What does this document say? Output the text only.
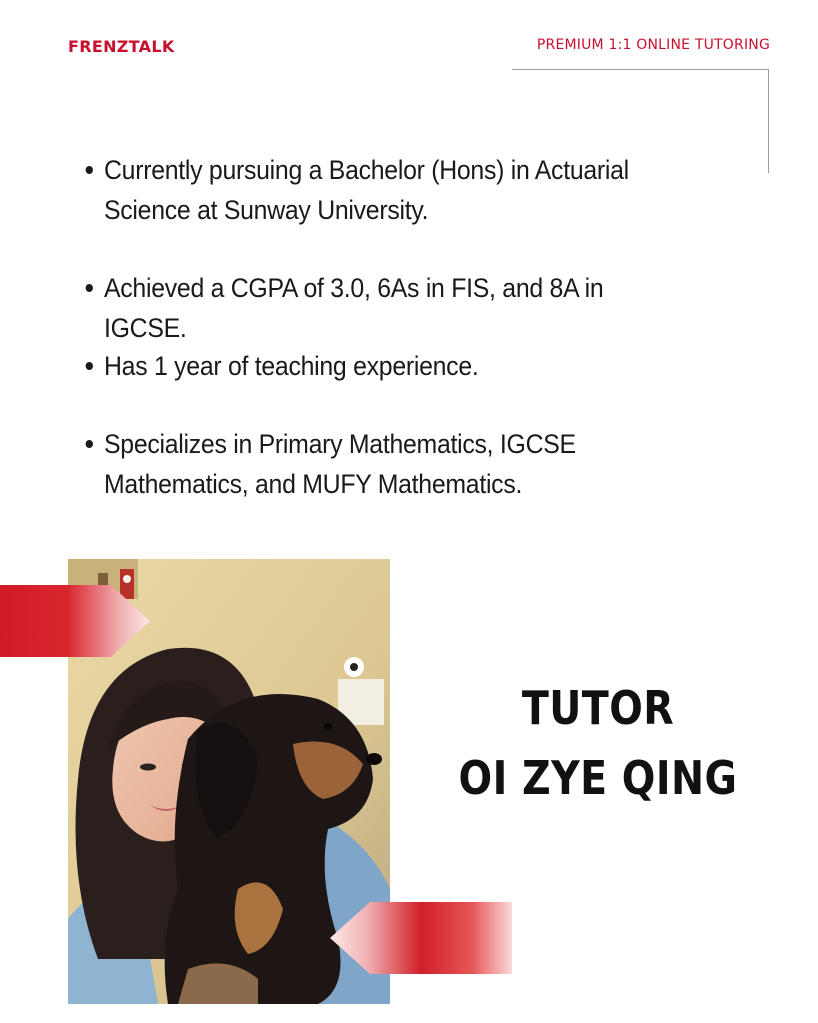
FRENZTALK	PREMIUM 1:1 ONLINE TUTORING
Currently pursuing a Bachelor (Hons) in Actuarial Science at Sunway University.
Achieved a CGPA of 3.0, 6As in FIS, and 8A in IGCSE.
Has 1 year of teaching experience.
Specializes in Primary Mathematics, IGCSE Mathematics, and MUFY Mathematics.
TUTOR
OI ZYE QING
